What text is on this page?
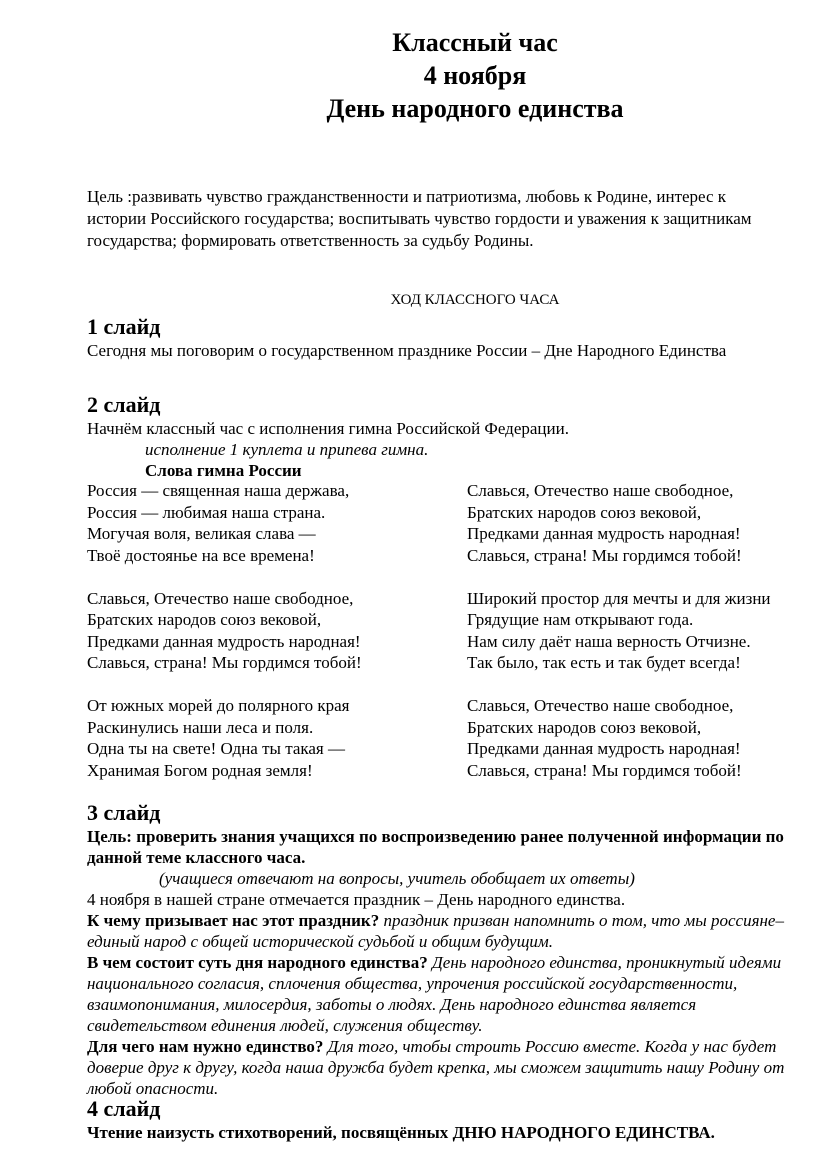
Классный час
4 ноября
День народного единства
Цель :развивать чувство гражданственности и патриотизма, любовь к Родине, интерес к истории Российского государства; воспитывать чувство гордости и уважения к защитникам государства; формировать ответственность за судьбу Родины.
ХОД КЛАССНОГО ЧАСА
1 слайд

Сегодня мы поговорим о государственном празднике России – Дне Народного Единства

2 слайд

Начнём классный час с исполнения гимна Российской Федерации.

исполнение 1 куплета и припева гимна.

Слова гимна России

Россия — священная наша держава,
Россия — любимая наша страна.
Могучая воля, великая слава —
Твоё достоянье на все времена!
Славься, Отечество наше свободное,
Братских народов союз вековой,
Предками данная мудрость народная!
Славься, страна! Мы гордимся тобой!
От южных морей до полярного края
Раскинулись наши леса и поля.
Одна ты на свете! Одна ты такая —
Хранимая Богом родная земля!
Славься, Отечество наше свободное,
Братских народов союз вековой,
Предками данная мудрость народная!
Славься, страна! Мы гордимся тобой!
Широкий простор для мечты и для жизни
Грядущие нам открывают года.
Нам силу даёт наша верность Отчизне.
Так было, так есть и так будет всегда!
Славься, Отечество наше свободное,
Братских народов союз вековой,
Предками данная мудрость народная!
Славься, страна! Мы гордимся тобой!
3 слайд

Цель: проверить знания учащихся по воспроизведению ранее полученной информации по данной теме классного часа.

(учащиеся отвечают на вопросы, учитель обобщает их ответы)

4 ноября в нашей стране отмечается праздник – День народного единства.

К чему призывает нас этот праздник? праздник призван напомнить о том, что мы россияне– единый народ с общей исторической судьбой и общим будущим.

В чем состоит суть дня народного единства? День народного единства, проникнутый идеями национального согласия, сплочения общества, упрочения российской государственности, взаимопонимания, милосердия, заботы о людях. День народного единства является свидетельством единения людей, служения обществу.

Для чего нам нужно единство? Для того, чтобы строить Россию вместе. Когда у нас будет доверие друг к другу, когда наша дружба будет крепка, мы сможем защитить нашу Родину от любой опасности.

4 слайд

Чтение наизусть стихотворений, посвящённых ДНЮ НАРОДНОГО ЕДИНСТВА.
